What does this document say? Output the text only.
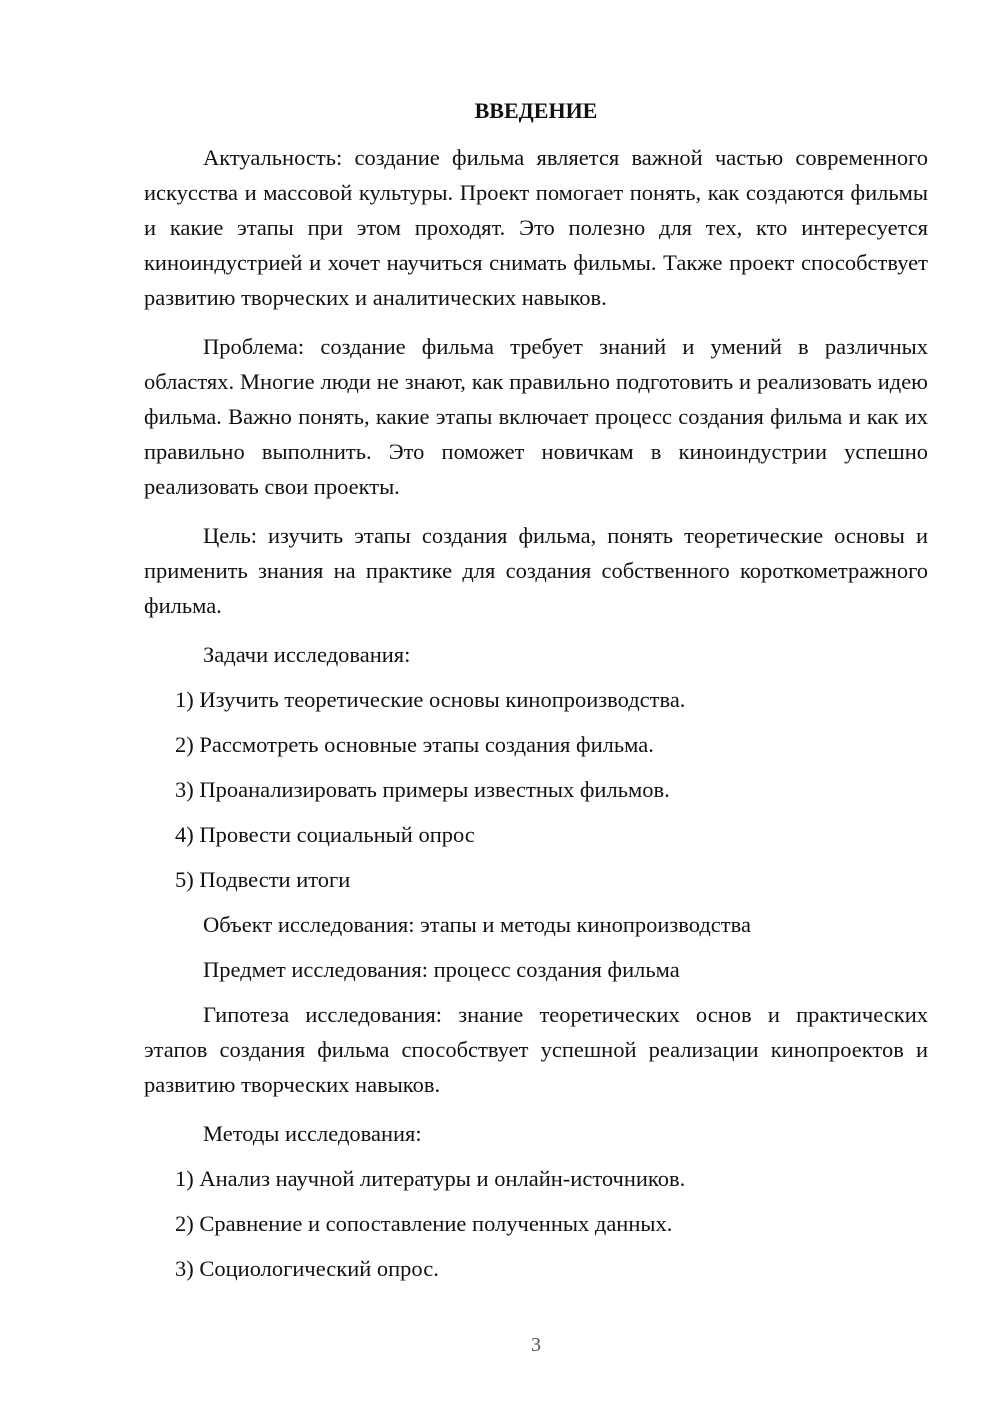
ВВЕДЕНИЕ

Актуальность: создание фильма является важной частью современного искусства и массовой культуры. Проект помогает понять, как создаются фильмы и какие этапы при этом проходят. Это полезно для тех, кто интересуется киноиндустрией и хочет научиться снимать фильмы. Также проект способствует развитию творческих и аналитических навыков.

Проблема: создание фильма требует знаний и умений в различных областях. Многие люди не знают, как правильно подготовить и реализовать идею фильма. Важно понять, какие этапы включает процесс создания фильма и как их правильно выполнить. Это поможет новичкам в киноиндустрии успешно реализовать свои проекты.

Цель: изучить этапы создания фильма, понять теоретические основы и применить знания на практике для создания собственного короткометражного фильма.

Задачи исследования:
1) Изучить теоретические основы кинопроизводства.
2) Рассмотреть основные этапы создания фильма.
3) Проанализировать примеры известных фильмов.
4) Провести социальный опрос
5) Подвести итоги
Объект исследования: этапы и методы кинопроизводства
Предмет исследования: процесс создания фильма

Гипотеза исследования: знание теоретических основ и практических этапов создания фильма способствует успешной реализации кинопроектов и развитию творческих навыков.

Методы исследования:
1) Анализ научной литературы и онлайн-источников.
2) Сравнение и сопоставление полученных данных.
3) Социологический опрос.
3
